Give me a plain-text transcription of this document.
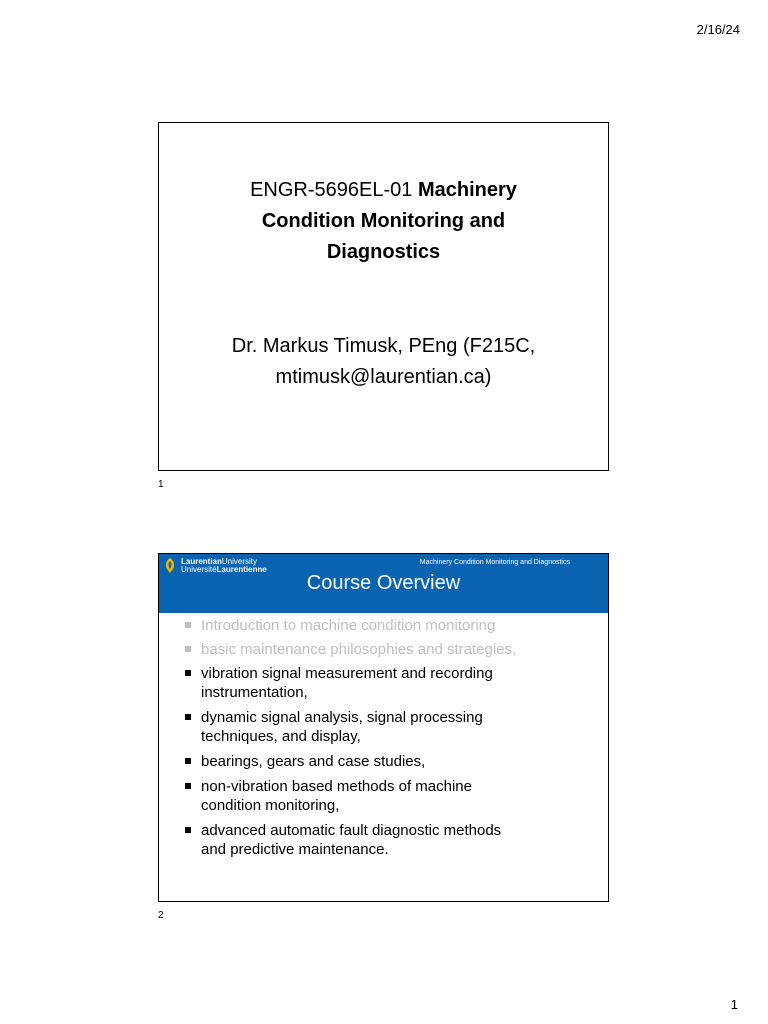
2/16/24
ENGR-5696EL-01 Machinery
Condition Monitoring and
Diagnostics
Dr. Markus Timusk, PEng (F215C,
mtimusk@laurentian.ca)
1
LaurentianUniversity
UniversitéLaurentienne
Machinery Condition Monitoring and Diagnostics
Course Overview
Introduction to machine condition monitoring
basic maintenance philosophies and strategies,
vibration signal measurement and recording
instrumentation,
dynamic signal analysis, signal processing
techniques, and display,
bearings, gears and case studies,
non-vibration based methods of machine
condition monitoring,
advanced automatic fault diagnostic methods
and predictive maintenance.
2
1
